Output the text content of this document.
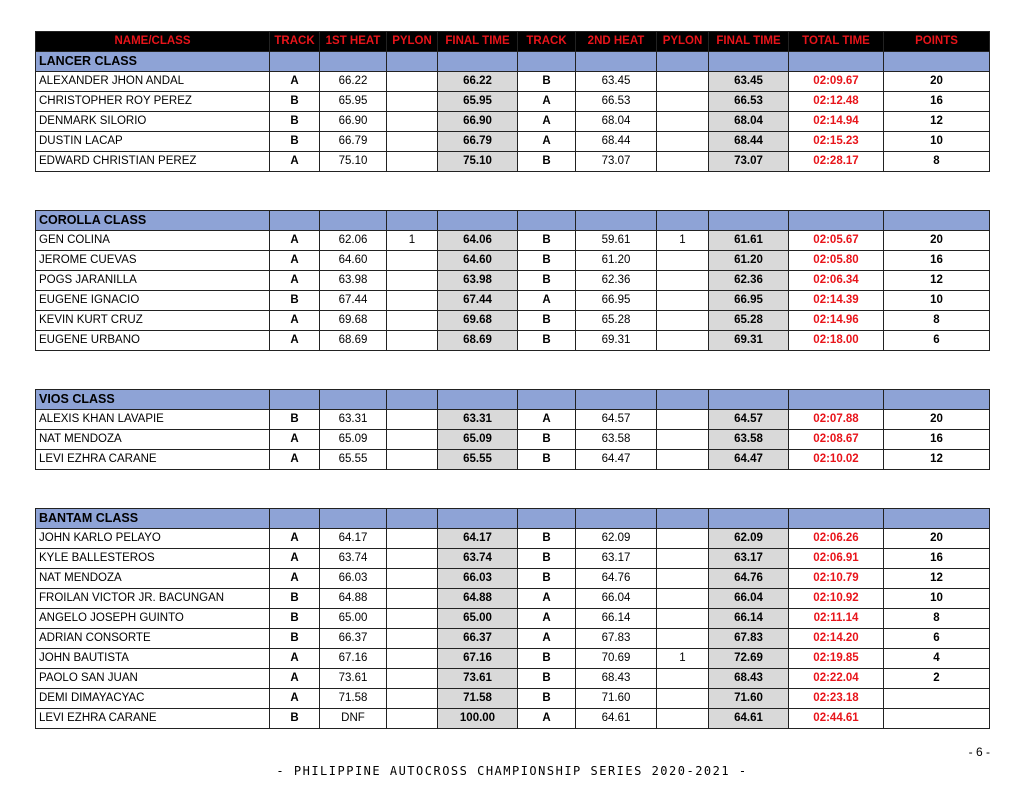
NAME/CLASS	TRACK	1ST HEAT	PYLON	FINAL TIME	TRACK	2ND HEAT	PYLON	FINAL TIME	TOTAL TIME	POINTS
LANCER CLASS										
ALEXANDER JHON ANDAL	A	66.22		66.22	B	63.45		63.45	02:09.67	20
CHRISTOPHER ROY PEREZ	B	65.95		65.95	A	66.53		66.53	02:12.48	16
DENMARK SILORIO	B	66.90		66.90	A	68.04		68.04	02:14.94	12
DUSTIN LACAP	B	66.79		66.79	A	68.44		68.44	02:15.23	10
EDWARD CHRISTIAN PEREZ	A	75.10		75.10	B	73.07		73.07	02:28.17	8

COROLLA CLASS										
GEN COLINA	A	62.06	1	64.06	B	59.61	1	61.61	02:05.67	20
JEROME CUEVAS	A	64.60		64.60	B	61.20		61.20	02:05.80	16
POGS JARANILLA	A	63.98		63.98	B	62.36		62.36	02:06.34	12
EUGENE IGNACIO	B	67.44		67.44	A	66.95		66.95	02:14.39	10
KEVIN KURT CRUZ	A	69.68		69.68	B	65.28		65.28	02:14.96	8
EUGENE URBANO	A	68.69		68.69	B	69.31		69.31	02:18.00	6

VIOS CLASS										
ALEXIS KHAN LAVAPIE	B	63.31		63.31	A	64.57		64.57	02:07.88	20
NAT MENDOZA	A	65.09		65.09	B	63.58		63.58	02:08.67	16
LEVI EZHRA CARANE	A	65.55		65.55	B	64.47		64.47	02:10.02	12

BANTAM CLASS										
JOHN KARLO PELAYO	A	64.17		64.17	B	62.09		62.09	02:06.26	20
KYLE BALLESTEROS	A	63.74		63.74	B	63.17		63.17	02:06.91	16
NAT MENDOZA	A	66.03		66.03	B	64.76		64.76	02:10.79	12
FROILAN VICTOR JR. BACUNGAN	B	64.88		64.88	A	66.04		66.04	02:10.92	10
ANGELO JOSEPH GUINTO	B	65.00		65.00	A	66.14		66.14	02:11.14	8
ADRIAN CONSORTE	B	66.37		66.37	A	67.83		67.83	02:14.20	6
JOHN BAUTISTA	A	67.16		67.16	B	70.69	1	72.69	02:19.85	4
PAOLO SAN JUAN	A	73.61		73.61	B	68.43		68.43	02:22.04	2
DEMI DIMAYACYAC	A	71.58		71.58	B	71.60		71.60	02:23.18	
LEVI EZHRA CARANE	B	DNF		100.00	A	64.61		64.61	02:44.61	
- 6 -
- PHILIPPINE AUTOCROSS CHAMPIONSHIP SERIES 2020-2021 -
